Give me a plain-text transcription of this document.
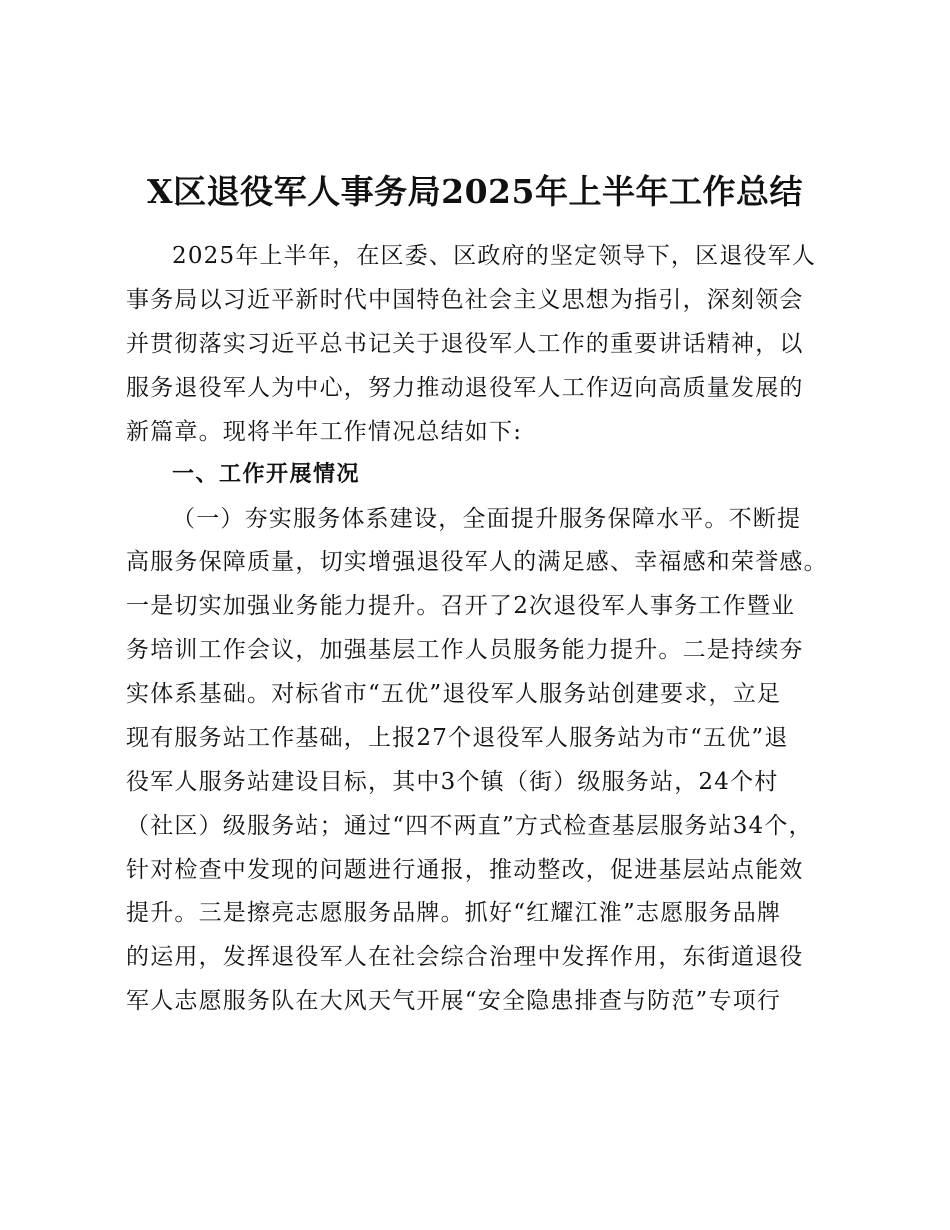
X区退役军人事务局2025年上半年工作总结
2025年上半年，在区委、区政府的坚定领导下，区退役军人
事务局以习近平新时代中国特色社会主义思想为指引，深刻领会
并贯彻落实习近平总书记关于退役军人工作的重要讲话精神，以
服务退役军人为中心，努力推动退役军人工作迈向高质量发展的
新篇章。现将半年工作情况总结如下:
一、工作开展情况
（一）夯实服务体系建设，全面提升服务保障水平。不断提
高服务保障质量，切实增强退役军人的满足感、幸福感和荣誉感。
一是切实加强业务能力提升。召开了2次退役军人事务工作暨业
务培训工作会议，加强基层工作人员服务能力提升。二是持续夯
实体系基础。对标省市“五优”退役军人服务站创建要求，立足
现有服务站工作基础，上报27个退役军人服务站为市“五优”退
役军人服务站建设目标，其中3个镇（街）级服务站，24个村
（社区）级服务站；通过“四不两直”方式检查基层服务站34个，
针对检查中发现的问题进行通报，推动整改，促进基层站点能效
提升。三是擦亮志愿服务品牌。抓好“红耀江淮”志愿服务品牌
的运用，发挥退役军人在社会综合治理中发挥作用，东街道退役
军人志愿服务队在大风天气开展“安全隐患排查与防范”专项行
